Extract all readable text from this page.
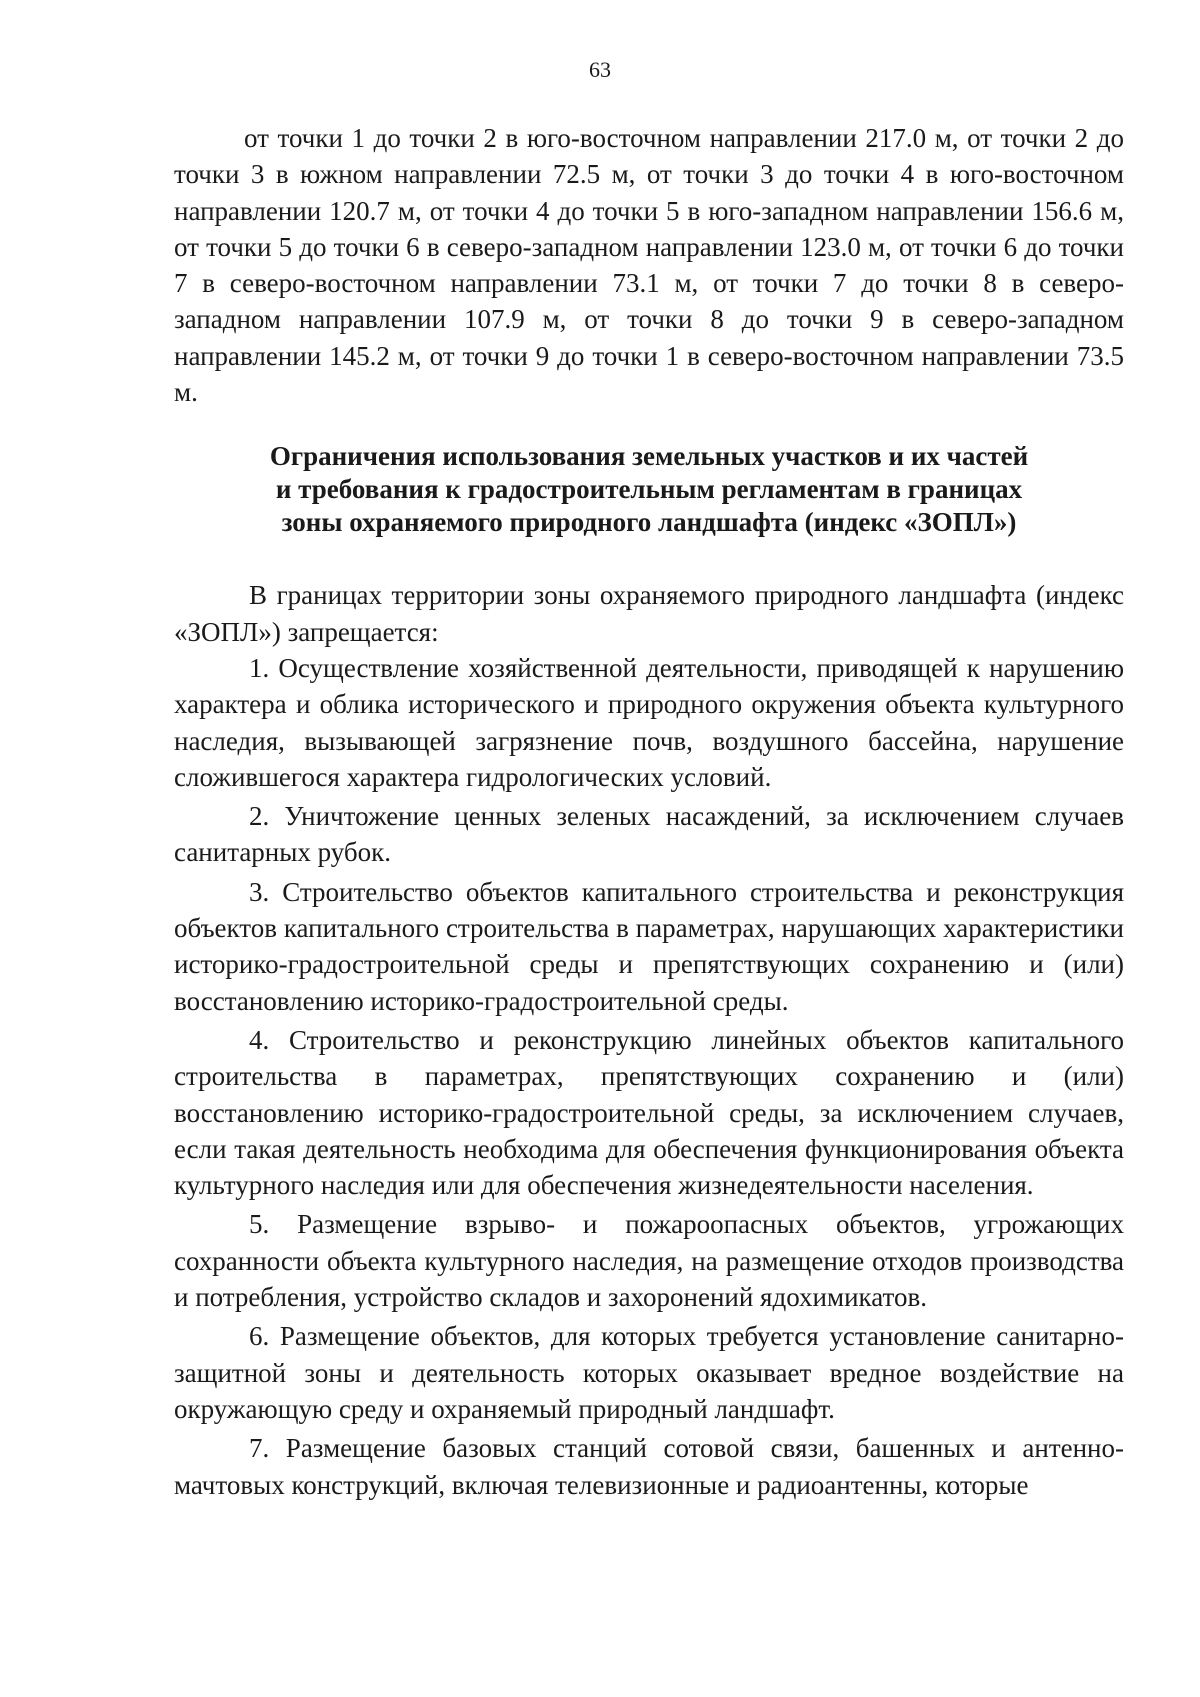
63

от точки 1 до точки 2 в юго-восточном направлении 217.0 м, от точки 2 до точки 3 в южном направлении 72.5 м, от точки 3 до точки 4 в юго-восточном направлении 120.7 м, от точки 4 до точки 5 в юго-западном направлении 156.6 м, от точки 5 до точки 6 в северо-западном направлении 123.0 м, от точки 6 до точки 7 в северо-восточном направлении 73.1 м, от точки 7 до точки 8 в северо-западном направлении 107.9 м, от точки 8 до точки 9 в северо-западном направлении 145.2 м, от точки 9 до точки 1 в северо-восточном направлении 73.5 м.

Ограничения использования земельных участков и их частей
и требования к градостроительным регламентам в границах
зоны охраняемого природного ландшафта (индекс «ЗОПЛ»)

В границах территории зоны охраняемого природного ландшафта (индекс «ЗОПЛ») запрещается:

1. Осуществление хозяйственной деятельности, приводящей к нарушению характера и облика исторического и природного окружения объекта культурного наследия, вызывающей загрязнение почв, воздушного бассейна, нарушение сложившегося характера гидрологических условий.

2. Уничтожение ценных зеленых насаждений, за исключением случаев санитарных рубок.

3. Строительство объектов капитального строительства и реконструкция объектов капитального строительства в параметрах, нарушающих характеристики историко-градостроительной среды и препятствующих сохранению и (или) восстановлению историко-градостроительной среды.

4. Строительство и реконструкцию линейных объектов капитального строительства в параметрах, препятствующих сохранению и (или) восстановлению историко-градостроительной среды, за исключением случаев, если такая деятельность необходима для обеспечения функционирования объекта культурного наследия или для обеспечения жизнедеятельности населения.

5. Размещение взрыво- и пожароопасных объектов, угрожающих сохранности объекта культурного наследия, на размещение отходов производства и потребления, устройство складов и захоронений ядохимикатов.

6. Размещение объектов, для которых требуется установление санитарно-защитной зоны и деятельность которых оказывает вредное воздействие на окружающую среду и охраняемый природный ландшафт.

7. Размещение базовых станций сотовой связи, башенных и антенно-мачтовых конструкций, включая телевизионные и радиоантенны, которые
